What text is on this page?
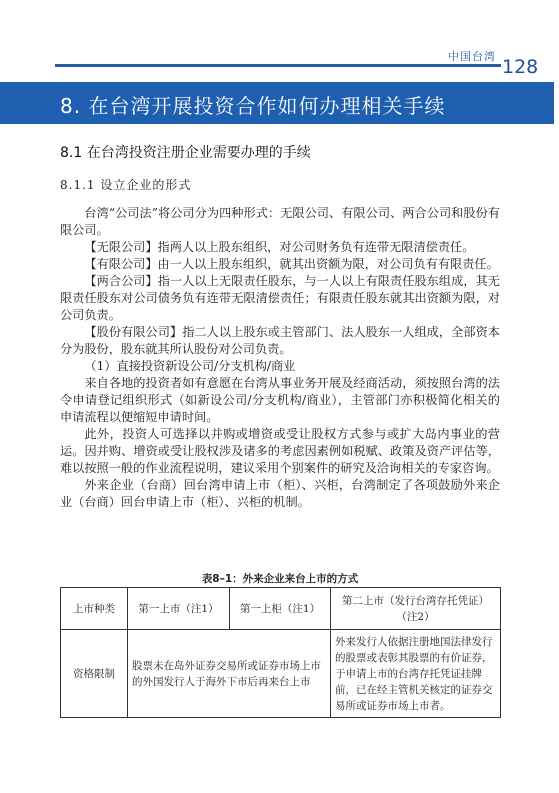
中国台湾 128
8. 在台湾开展投资合作如何办理相关手续
8.1 在台湾投资注册企业需要办理的手续
8.1.1 设立企业的形式

台湾“公司法”将公司分为四种形式：无限公司、有限公司、两合公司和股份有限公司。

【无限公司】指两人以上股东组织，对公司财务负有连带无限清偿责任。

【有限公司】由一人以上股东组织，就其出资额为限，对公司负有有限责任。

【两合公司】指一人以上无限责任股东，与一人以上有限责任股东组成，其无限责任股东对公司债务负有连带无限清偿责任；有限责任股东就其出资额为限，对公司负责。

【股份有限公司】指二人以上股东或主管部门、法人股东一人组成，全部资本分为股份，股东就其所认股份对公司负责。

（1）直接投资新设公司/分支机构/商业

来自各地的投资者如有意愿在台湾从事业务开展及经商活动，须按照台湾的法令申请登记组织形式（如新设公司/分支机构/商业），主管部门亦积极简化相关的申请流程以便缩短申请时间。

此外，投资人可选择以并购或增资或受让股权方式参与或扩大岛内事业的营运。因并购、增资或受让股权涉及诸多的考虑因素例如税赋、政策及资产评估等，难以按照一般的作业流程说明，建议采用个别案件的研究及洽询相关的专家咨询。

外来企业（台商）回台湾申请上市（柜）、兴柜，台湾制定了各项鼓励外来企业（台商）回台申请上市（柜）、兴柜的机制。

表8–1：外来企业来台上市的方式
上市种类	第一上市（注1）	第一上柜（注1）	第二上市（发行台湾存托凭证）（注2）
资格限制	股票未在岛外证券交易所或证券市场上市的外国发行人于海外下市后再来台上市		外来发行人依据注册地国法律发行的股票或表彰其股票的有价证券，于申请上市的台湾存托凭证挂牌前，已在经主管机关核定的证券交易所或证券市场上市者。
